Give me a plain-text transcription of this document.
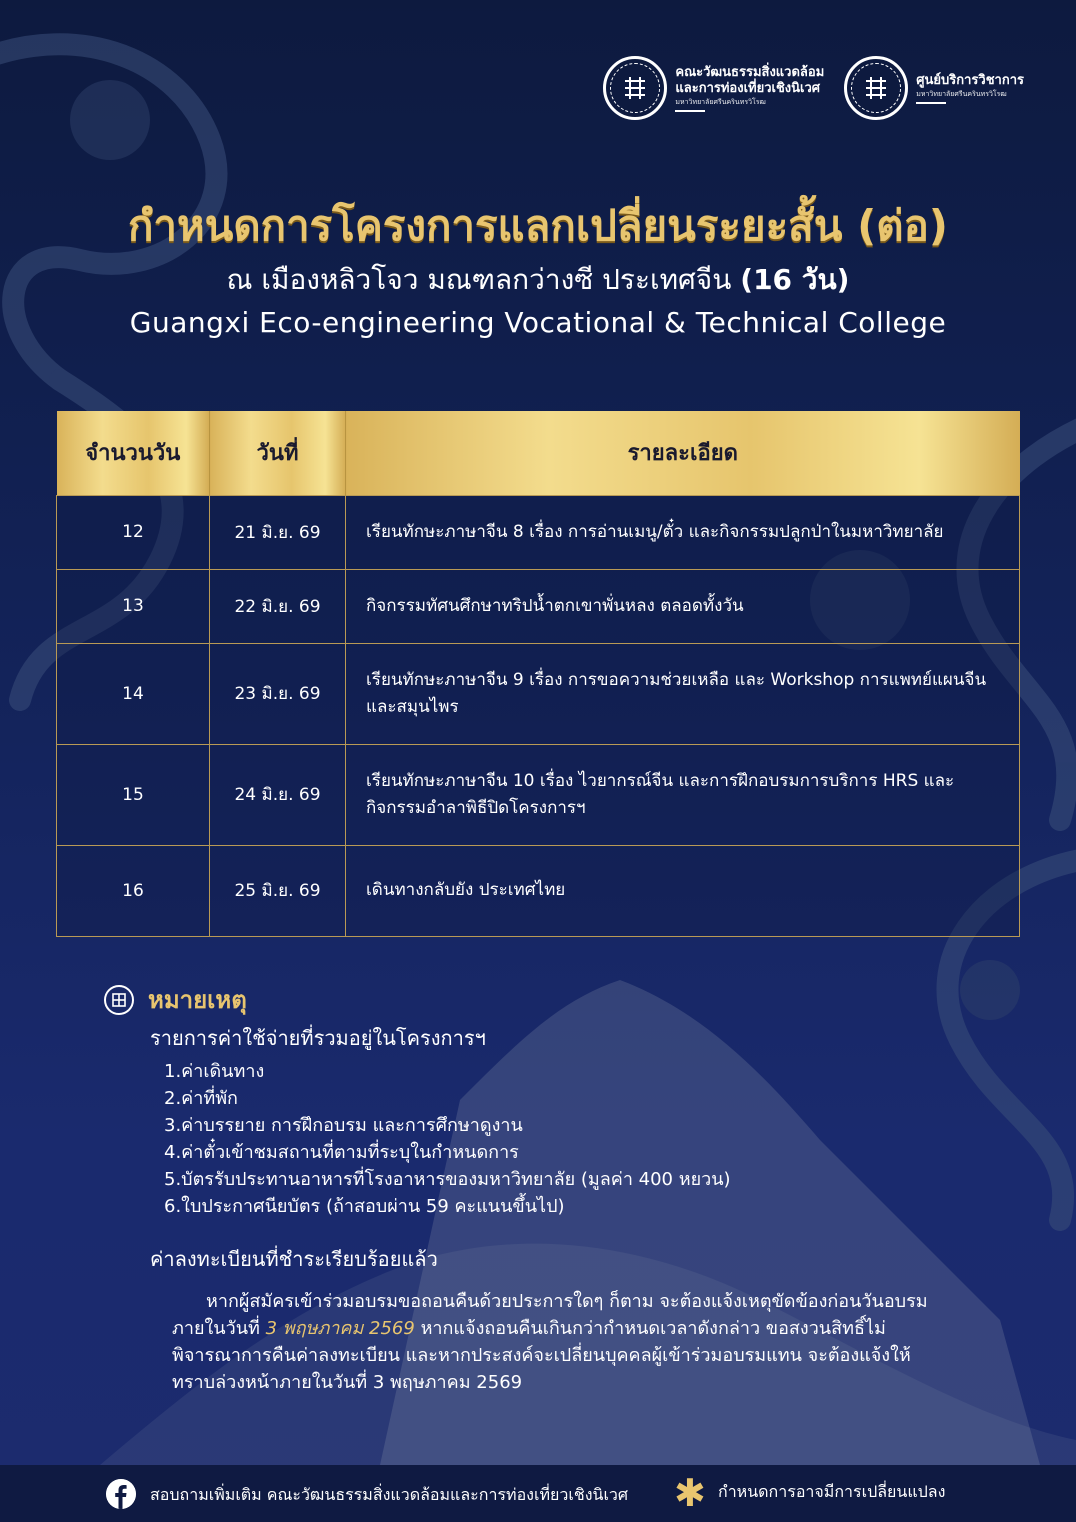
คณะวัฒนธรรมสิ่งแวดล้อม
และการท่องเที่ยวเชิงนิเวศ
มหาวิทยาลัยศรีนครินทรวิโรฒ
ศูนย์บริการวิชาการ
มหาวิทยาลัยศรีนครินทรวิโรฒ
กำหนดการโครงการแลกเปลี่ยนระยะสั้น (ต่อ)
ณ เมืองหลิวโจว มณฑลกว่างซี ประเทศจีน (16 วัน)
Guangxi Eco-engineering Vocational & Technical College
จำนวนวัน	วันที่	รายละเอียด
12	21 มิ.ย. 69	เรียนทักษะภาษาจีน 8 เรื่อง การอ่านเมนู/ตั๋ว และกิจกรรมปลูกป่าในมหาวิทยาลัย
13	22 มิ.ย. 69	กิจกรรมทัศนศึกษาทริปน้ำตกเขาพั่นหลง ตลอดทั้งวัน
14	23 มิ.ย. 69	เรียนทักษะภาษาจีน 9 เรื่อง การขอความช่วยเหลือ และ Workshop การแพทย์แผนจีน และสมุนไพร
15	24 มิ.ย. 69	เรียนทักษะภาษาจีน 10 เรื่อง ไวยากรณ์จีน และการฝึกอบรมการบริการ HRS และกิจกรรมอำลาพิธีปิดโครงการฯ
16	25 มิ.ย. 69	เดินทางกลับยัง ประเทศไทย
หมายเหตุ
รายการค่าใช้จ่ายที่รวมอยู่ในโครงการฯ
1.ค่าเดินทาง
2.ค่าที่พัก
3.ค่าบรรยาย การฝึกอบรม และการศึกษาดูงาน
4.ค่าตั๋วเข้าชมสถานที่ตามที่ระบุในกำหนดการ
5.บัตรรับประทานอาหารที่โรงอาหารของมหาวิทยาลัย (มูลค่า 400 หยวน)
6.ใบประกาศนียบัตร (ถ้าสอบผ่าน 59 คะแนนขึ้นไป)
ค่าลงทะเบียนที่ชำระเรียบร้อยแล้ว

หากผู้สมัครเข้าร่วมอบรมขอถอนคืนด้วยประการใดๆ ก็ตาม จะต้องแจ้งเหตุขัดข้องก่อนวันอบรมภายในวันที่ 3 พฤษภาคม 2569 หากแจ้งถอนคืนเกินกว่ากำหนดเวลาดังกล่าว ขอสงวนสิทธิ์ไม่พิจารณาการคืนค่าลงทะเบียน และหากประสงค์จะเปลี่ยนบุคคลผู้เข้าร่วมอบรมแทน จะต้องแจ้งให้ทราบล่วงหน้าภายในวันที่ 3 พฤษภาคม 2569

สอบถามเพิ่มเติม คณะวัฒนธรรมสิ่งแวดล้อมและการท่องเที่ยวเชิงนิเวศ ✱ กำหนดการอาจมีการเปลี่ยนแปลง
